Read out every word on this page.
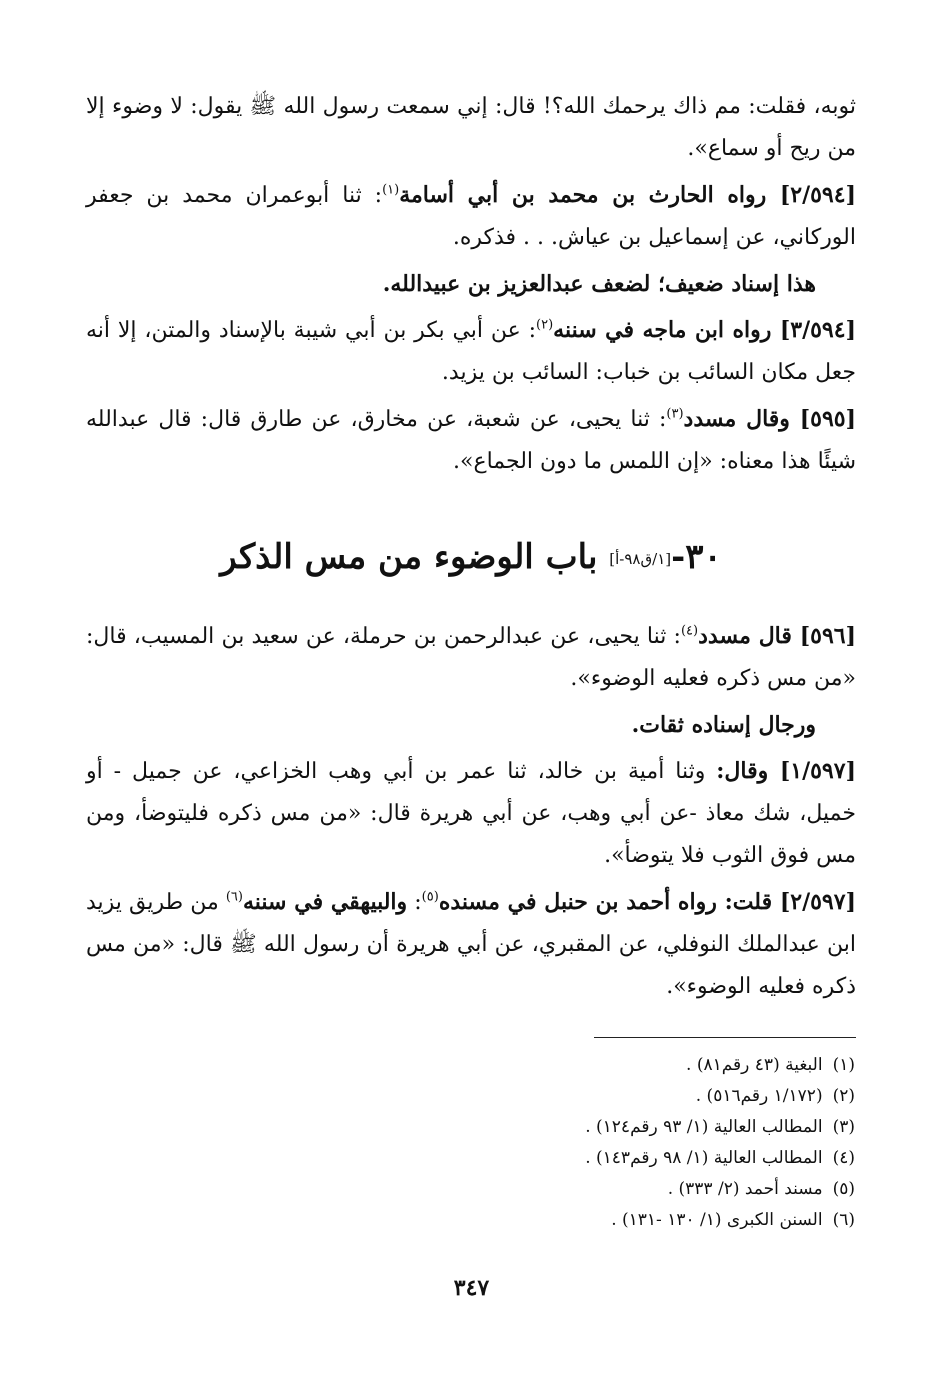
ثوبه، فقلت: مم ذاك يرحمك الله؟! قال: إني سمعت رسول الله ﷺ يقول: لا وضوء إلا من ريح أو سماع».

[٢/٥٩٤] رواه الحارث بن محمد بن أبي أسامة$^{(١)}$: ثنا أبوعمران محمد بن جعفر الوركاني، عن إسماعيل بن عياش. . . فذكره.

هذا إسناد ضعيف؛ لضعف عبدالعزيز بن عبيدالله.

[٣/٥٩٤] رواه ابن ماجه في سننه$^{(٢)}$: عن أبي بكر بن أبي شيبة بالإسناد والمتن، إلا أنه جعل مكان السائب بن خباب: السائب بن يزيد.

[٥٩٥] وقال مسدد$^{(٣)}$: ثنا يحيى، عن شعبة، عن مخارق، عن طارق قال: قال عبدالله شيئًا هذا معناه: «إن اللمس ما دون الجماع».

٣٠-[١/ق٩٨-أ] باب الوضوء من مس الذكر

[٥٩٦] قال مسدد$^{(٤)}$: ثنا يحيى، عن عبدالرحمن بن حرملة، عن سعيد بن المسيب، قال: «من مس ذكره فعليه الوضوء».

ورجال إسناده ثقات.

[١/٥٩٧] وقال: وثنا أمية بن خالد، ثنا عمر بن أبي وهب الخزاعي، عن جميل - أو خميل، شك معاذ -عن أبي وهب، عن أبي هريرة قال: «من مس ذكره فليتوضأ، ومن مس فوق الثوب فلا يتوضأ».

[٢/٥٩٧] قلت: رواه أحمد بن حنبل في مسنده$^{(٥)}$: والبيهقي في سننه$^{(٦)}$ من طريق يزيد ابن عبدالملك النوفلي، عن المقبري، عن أبي هريرة أن رسول الله ﷺ قال: «من مس ذكره فعليه الوضوء».

(١)البغية (٤٣ رقم٨١) .
(٢)(١/١٧٢ رقم٥١٦) .
(٣)المطالب العالية (١/ ٩٣ رقم١٢٤) .
(٤)المطالب العالية (١/ ٩٨ رقم١٤٣) .
(٥)مسند أحمد (٢/ ٣٣٣) .
(٦)السنن الكبرى (١/ ١٣٠ -١٣١) .
٣٤٧
